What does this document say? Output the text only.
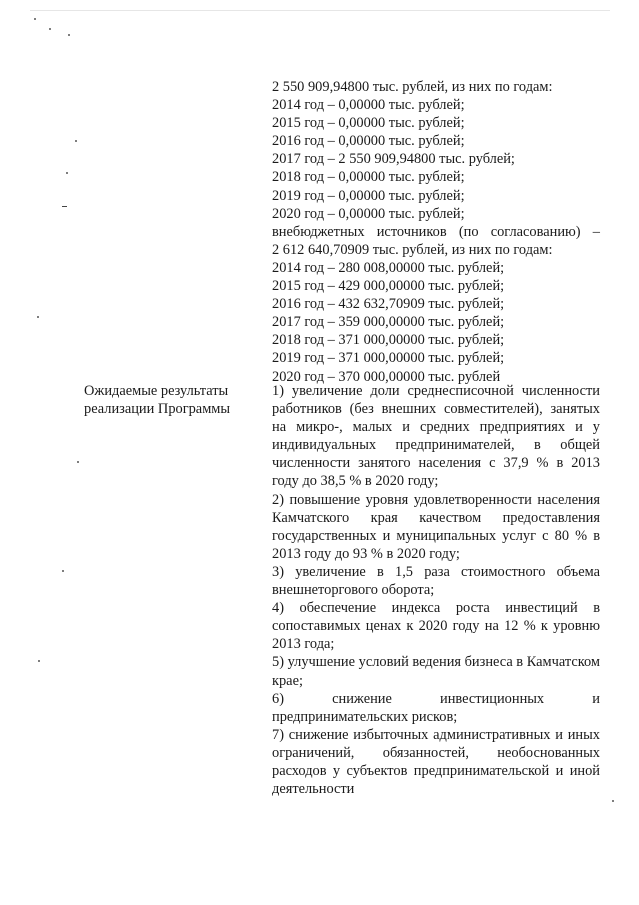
2 550 909,94800 тыс. рублей, из них по годам:
2014 год – 0,00000 тыс. рублей;
2015 год – 0,00000 тыс. рублей;
2016 год – 0,00000 тыс. рублей;
2017 год – 2 550 909,94800 тыс. рублей;
2018 год – 0,00000 тыс. рублей;
2019 год – 0,00000 тыс. рублей;
2020 год – 0,00000 тыс. рублей;
внебюджетных источников (по согласованию) –
2 612 640,70909 тыс. рублей, из них по годам:
2014 год – 280 008,00000 тыс. рублей;
2015 год – 429 000,00000 тыс. рублей;
2016 год – 432 632,70909 тыс. рублей;
2017 год – 359 000,00000 тыс. рублей;
2018 год – 371 000,00000 тыс. рублей;
2019 год – 371 000,00000 тыс. рублей;
2020 год – 370 000,00000 тыс. рублей
Ожидаемые результаты реализации Программы

1) увеличение доли среднесписочной численности работников (без внешних совместителей), занятых на микро-, малых и средних предприятиях и у индивидуальных предпринимателей, в общей численности занятого населения с 37,9 % в 2013 году до 38,5 % в 2020 году;

2) повышение уровня удовлетворенности населения Камчатского края качеством предоставления государственных и муниципальных услуг с 80 % в 2013 году до 93 % в 2020 году;

3) увеличение в 1,5 раза стоимостного объема внешнеторгового оборота;

4) обеспечение индекса роста инвестиций в сопоставимых ценах к 2020 году на 12 % к уровню 2013 года;

5) улучшение условий ведения бизнеса в Камчатском крае;

6) снижение инвестиционных и предпринимательских рисков;

7) снижение избыточных административных и иных ограничений, обязанностей, необоснованных расходов у субъектов предпринимательской и иной деятельности
